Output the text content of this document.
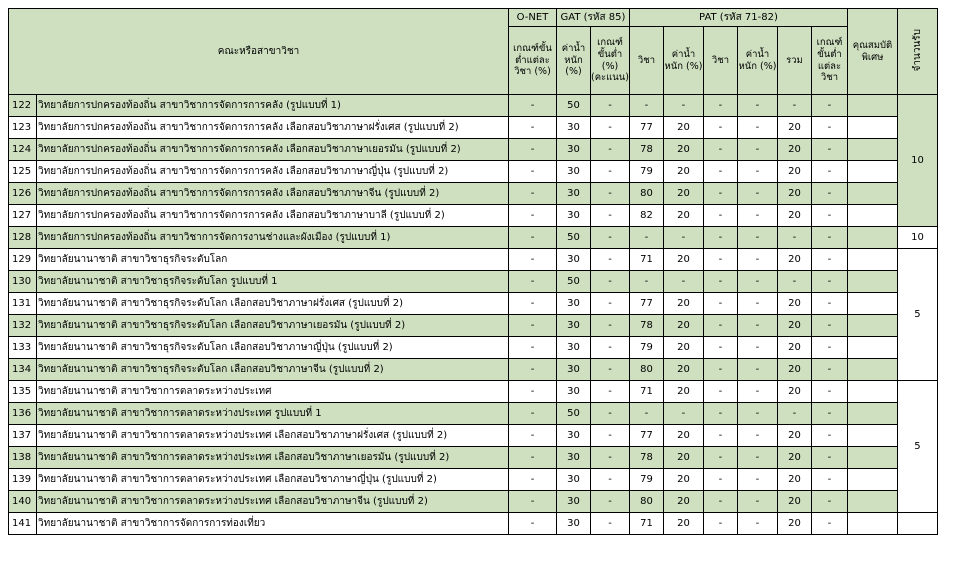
คณะหรือสาขาวิชา		O-NET	GAT (รหัส 85)		PAT (รหัส 71-82)						คุณสมบัติพิเศษ	จำนวนรับ
		เกณฑ์ขั้นต่ำแต่ละวิชา (%)	ค่าน้ำหนัก (%)	เกณฑ์ขั้นต่ำ (%) (คะแนน)	วิชา	ค่าน้ำหนัก (%)	วิชา	ค่าน้ำหนัก (%)	รวม	เกณฑ์ขั้นต่ำแต่ละวิชา		
122	วิทยาลัยการปกครองท้องถิ่น สาขาวิชาการจัดการการคลัง (รูปแบบที่ 1)	-	50	-	-	-	-	-	-	-		10
123	วิทยาลัยการปกครองท้องถิ่น สาขาวิชาการจัดการการคลัง เลือกสอบวิชาภาษาฝรั่งเศส (รูปแบบที่ 2)	-	30	-	77	20	-	-	20	-		
124	วิทยาลัยการปกครองท้องถิ่น สาขาวิชาการจัดการการคลัง เลือกสอบวิชาภาษาเยอรมัน (รูปแบบที่ 2)	-	30	-	78	20	-	-	20	-		
125	วิทยาลัยการปกครองท้องถิ่น สาขาวิชาการจัดการการคลัง เลือกสอบวิชาภาษาญี่ปุ่น (รูปแบบที่ 2)	-	30	-	79	20	-	-	20	-		
126	วิทยาลัยการปกครองท้องถิ่น สาขาวิชาการจัดการการคลัง เลือกสอบวิชาภาษาจีน (รูปแบบที่ 2)	-	30	-	80	20	-	-	20	-		
127	วิทยาลัยการปกครองท้องถิ่น สาขาวิชาการจัดการการคลัง เลือกสอบวิชาภาษาบาลี (รูปแบบที่ 2)	-	30	-	82	20	-	-	20	-		
128	วิทยาลัยการปกครองท้องถิ่น สาขาวิชาการจัดการงานช่างและผังเมือง (รูปแบบที่ 1)	-	50	-	-	-	-	-	-	-		10
129	วิทยาลัยนานาชาติ สาขาวิชาธุรกิจระดับโลก	-	30	-	71	20	-	-	20	-		5
130	วิทยาลัยนานาชาติ สาขาวิชาธุรกิจระดับโลก รูปแบบที่ 1	-	50	-	-	-	-	-	-	-		
131	วิทยาลัยนานาชาติ สาขาวิชาธุรกิจระดับโลก เลือกสอบวิชาภาษาฝรั่งเศส (รูปแบบที่ 2)	-	30	-	77	20	-	-	20	-		
132	วิทยาลัยนานาชาติ สาขาวิชาธุรกิจระดับโลก เลือกสอบวิชาภาษาเยอรมัน (รูปแบบที่ 2)	-	30	-	78	20	-	-	20	-		
133	วิทยาลัยนานาชาติ สาขาวิชาธุรกิจระดับโลก เลือกสอบวิชาภาษาญี่ปุ่น (รูปแบบที่ 2)	-	30	-	79	20	-	-	20	-		
134	วิทยาลัยนานาชาติ สาขาวิชาธุรกิจระดับโลก เลือกสอบวิชาภาษาจีน (รูปแบบที่ 2)	-	30	-	80	20	-	-	20	-		
135	วิทยาลัยนานาชาติ สาขาวิชาการตลาดระหว่างประเทศ	-	30	-	71	20	-	-	20	-		5
136	วิทยาลัยนานาชาติ สาขาวิชาการตลาดระหว่างประเทศ รูปแบบที่ 1	-	50	-	-	-	-	-	-	-		
137	วิทยาลัยนานาชาติ สาขาวิชาการตลาดระหว่างประเทศ เลือกสอบวิชาภาษาฝรั่งเศส (รูปแบบที่ 2)	-	30	-	77	20	-	-	20	-		
138	วิทยาลัยนานาชาติ สาขาวิชาการตลาดระหว่างประเทศ เลือกสอบวิชาภาษาเยอรมัน (รูปแบบที่ 2)	-	30	-	78	20	-	-	20	-		
139	วิทยาลัยนานาชาติ สาขาวิชาการตลาดระหว่างประเทศ เลือกสอบวิชาภาษาญี่ปุ่น (รูปแบบที่ 2)	-	30	-	79	20	-	-	20	-		
140	วิทยาลัยนานาชาติ สาขาวิชาการตลาดระหว่างประเทศ เลือกสอบวิชาภาษาจีน (รูปแบบที่ 2)	-	30	-	80	20	-	-	20	-		
141	วิทยาลัยนานาชาติ สาขาวิชาการจัดการการท่องเที่ยว	-	30	-	71	20	-	-	20	-		
